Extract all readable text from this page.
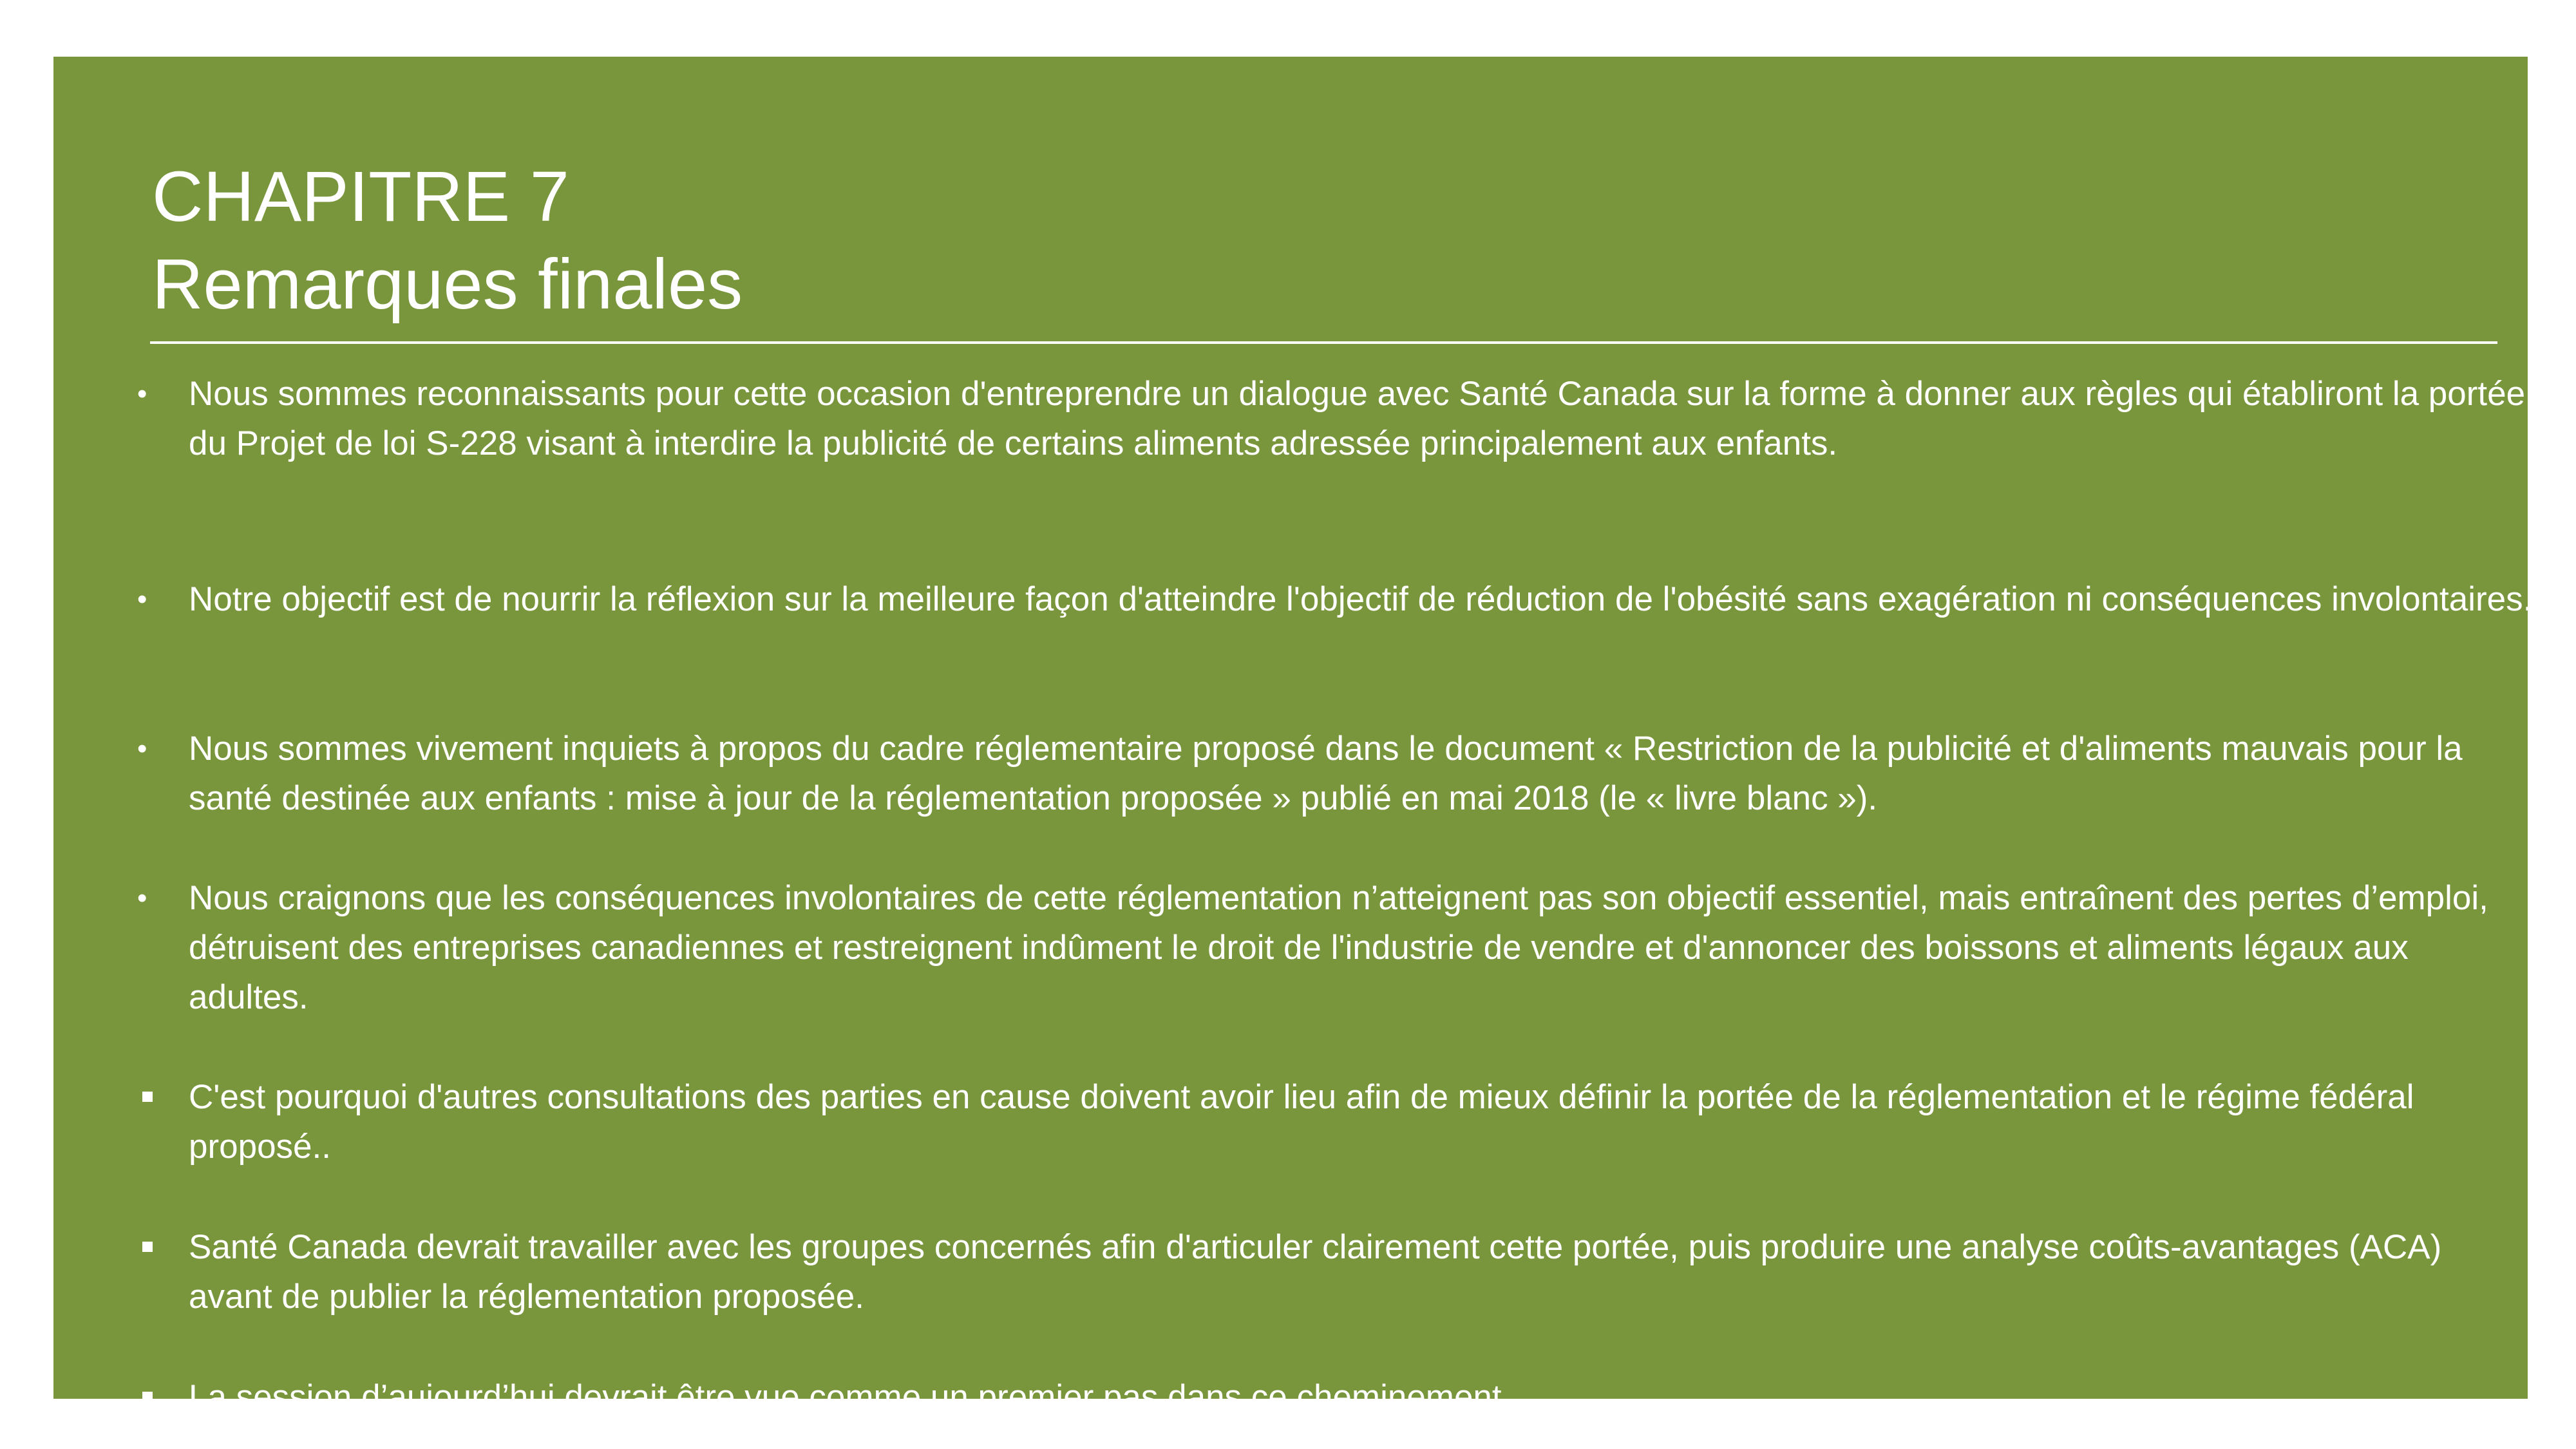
CHAPITRE 7
Remarques finales
•	Nous sommes reconnaissants pour cette occasion d'entreprendre un dialogue avec Santé Canada sur la forme à donner aux règles qui établiront la portée du Projet de loi S-228 visant à interdire la publicité de certains aliments adressée principalement aux enfants.
•	Notre objectif est de nourrir la réflexion sur la meilleure façon d'atteindre l'objectif de réduction de l'obésité sans exagération ni conséquences involontaires.
•	Nous sommes vivement inquiets à propos du cadre réglementaire proposé dans le document « Restriction de la publicité et d'aliments mauvais pour la santé destinée aux enfants : mise à jour de la réglementation proposée » publié en mai 2018 (le « livre blanc »).
•	Nous craignons que les conséquences involontaires de cette réglementation n’atteignent pas son objectif essentiel, mais entraînent des pertes d’emploi, détruisent des entreprises canadiennes et restreignent indûment le droit de l'industrie de vendre et d'annoncer des boissons et aliments légaux aux adultes.
C'est pourquoi d'autres consultations des parties en cause doivent avoir lieu afin de mieux définir la portée de la réglementation et le régime fédéral proposé..
Santé Canada devrait travailler avec les groupes concernés afin d'articuler clairement cette portée, puis produire une analyse coûts-avantages (ACA) avant de publier la réglementation proposée.
La session d’aujourd’hui devrait être vue comme un premier pas dans ce cheminement.
